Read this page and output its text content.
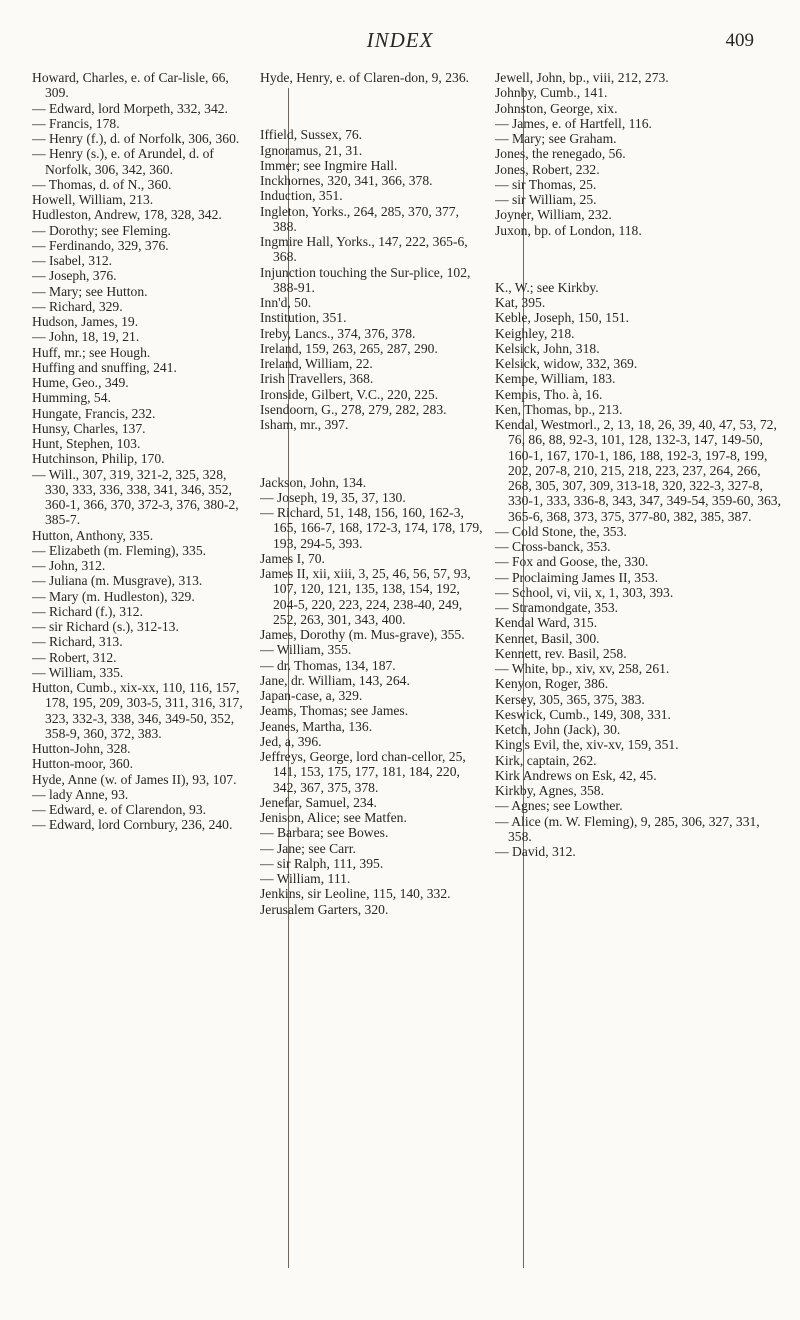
INDEX	409

Howard, Charles, e. of Car-lisle, 66, 309.

— Edward, lord Morpeth, 332, 342.

— Francis, 178.

— Henry (f.), d. of Norfolk, 306, 360.

— Henry (s.), e. of Arundel, d. of Norfolk, 306, 342, 360.

— Thomas, d. of N., 360.

Howell, William, 213.

Hudleston, Andrew, 178, 328, 342.

— Dorothy; see Fleming.

— Ferdinando, 329, 376.

— Isabel, 312.

— Joseph, 376.

— Mary; see Hutton.

— Richard, 329.

Hudson, James, 19.

— John, 18, 19, 21.

Huff, mr.; see Hough.

Huffing and snuffing, 241.

Hume, Geo., 349.

Humming, 54.

Hungate, Francis, 232.

Hunsy, Charles, 137.

Hunt, Stephen, 103.

Hutchinson, Philip, 170.

— Will., 307, 319, 321-2, 325, 328, 330, 333, 336, 338, 341, 346, 352, 360-1, 366, 370, 372-3, 376, 380-2, 385-7.

Hutton, Anthony, 335.

— Elizabeth (m. Fleming), 335.

— John, 312.

— Juliana (m. Musgrave), 313.

— Mary (m. Hudleston), 329.

— Richard (f.), 312.

— sir Richard (s.), 312-13.

— Richard, 313.

— Robert, 312.

— William, 335.

Hutton, Cumb., xix-xx, 110, 116, 157, 178, 195, 209, 303-5, 311, 316, 317, 323, 332-3, 338, 346, 349-50, 352, 358-9, 360, 372, 383.

Hutton-John, 328.

Hutton-moor, 360.

Hyde, Anne (w. of James II), 93, 107.

— lady Anne, 93.

— Edward, e. of Clarendon, 93.

— Edward, lord Cornbury, 236, 240.

Hyde, Henry, e. of Claren-don, 9, 236.

Iffield, Sussex, 76.

Ignoramus, 21, 31.

Immer; see Ingmire Hall.

Inckhornes, 320, 341, 366, 378.

Induction, 351.

Ingleton, Yorks., 264, 285, 370, 377, 388.

Ingmire Hall, Yorks., 147, 222, 365-6, 368.

Injunction touching the Sur-plice, 102, 388-91.

Inn'd, 50.

Institution, 351.

Ireby, Lancs., 374, 376, 378.

Ireland, 159, 263, 265, 287, 290.

Ireland, William, 22.

Irish Travellers, 368.

Ironside, Gilbert, V.C., 220, 225.

Isendoorn, G., 278, 279, 282, 283.

Isham, mr., 397.

Jackson, John, 134.

— Joseph, 19, 35, 37, 130.

— Richard, 51, 148, 156, 160, 162-3, 165, 166-7, 168, 172-3, 174, 178, 179, 193, 294-5, 393.

James I, 70.

James II, xii, xiii, 3, 25, 46, 56, 57, 93, 107, 120, 121, 135, 138, 154, 192, 204-5, 220, 223, 224, 238-40, 249, 252, 263, 301, 343, 400.

James, Dorothy (m. Mus-grave), 355.

— William, 355.

— dr. Thomas, 134, 187.

Jane, dr. William, 143, 264.

Japan-case, a, 329.

Jeams, Thomas; see James.

Jeanes, Martha, 136.

Jed, a, 396.

Jeffreys, George, lord chan-cellor, 25, 141, 153, 175, 177, 181, 184, 220, 342, 367, 375, 378.

Jenefar, Samuel, 234.

Jenison, Alice; see Matfen.

— Barbara; see Bowes.

— Jane; see Carr.

— sir Ralph, 111, 395.

— William, 111.

Jenkins, sir Leoline, 115, 140, 332.

Jerusalem Garters, 320.

Jewell, John, bp., viii, 212, 273.

Johnby, Cumb., 141.

Johnston, George, xix.

— James, e. of Hartfell, 116.

— Mary; see Graham.

Jones, the renegado, 56.

Jones, Robert, 232.

— sir Thomas, 25.

— sir William, 25.

Joyner, William, 232.

Juxon, bp. of London, 118.

K., W.; see Kirkby.

Kat, 395.

Keble, Joseph, 150, 151.

Keighley, 218.

Kelsick, John, 318.

Kelsick, widow, 332, 369.

Kempe, William, 183.

Kempis, Tho. à, 16.

Ken, Thomas, bp., 213.

Kendal, Westmorl., 2, 13, 18, 26, 39, 40, 47, 53, 72, 76, 86, 88, 92-3, 101, 128, 132-3, 147, 149-50, 160-1, 167, 170-1, 186, 188, 192-3, 197-8, 199, 202, 207-8, 210, 215, 218, 223, 237, 264, 266, 268, 305, 307, 309, 313-18, 320, 322-3, 327-8, 330-1, 333, 336-8, 343, 347, 349-54, 359-60, 363, 365-6, 368, 373, 375, 377-80, 382, 385, 387.

— Cold Stone, the, 353.

— Cross-banck, 353.

— Fox and Goose, the, 330.

— Proclaiming James II, 353.

— School, vi, vii, x, 1, 303, 393.

— Stramondgate, 353.

Kendal Ward, 315.

Kennet, Basil, 300.

Kennett, rev. Basil, 258.

— White, bp., xiv, xv, 258, 261.

Kenyon, Roger, 386.

Kersey, 305, 365, 375, 383.

Keswick, Cumb., 149, 308, 331.

Ketch, John (Jack), 30.

King's Evil, the, xiv-xv, 159, 351.

Kirk, captain, 262.

Kirk Andrews on Esk, 42, 45.

Kirkby, Agnes, 358.

— Agnes; see Lowther.

— Alice (m. W. Fleming), 9, 285, 306, 327, 331, 358.

— David, 312.
